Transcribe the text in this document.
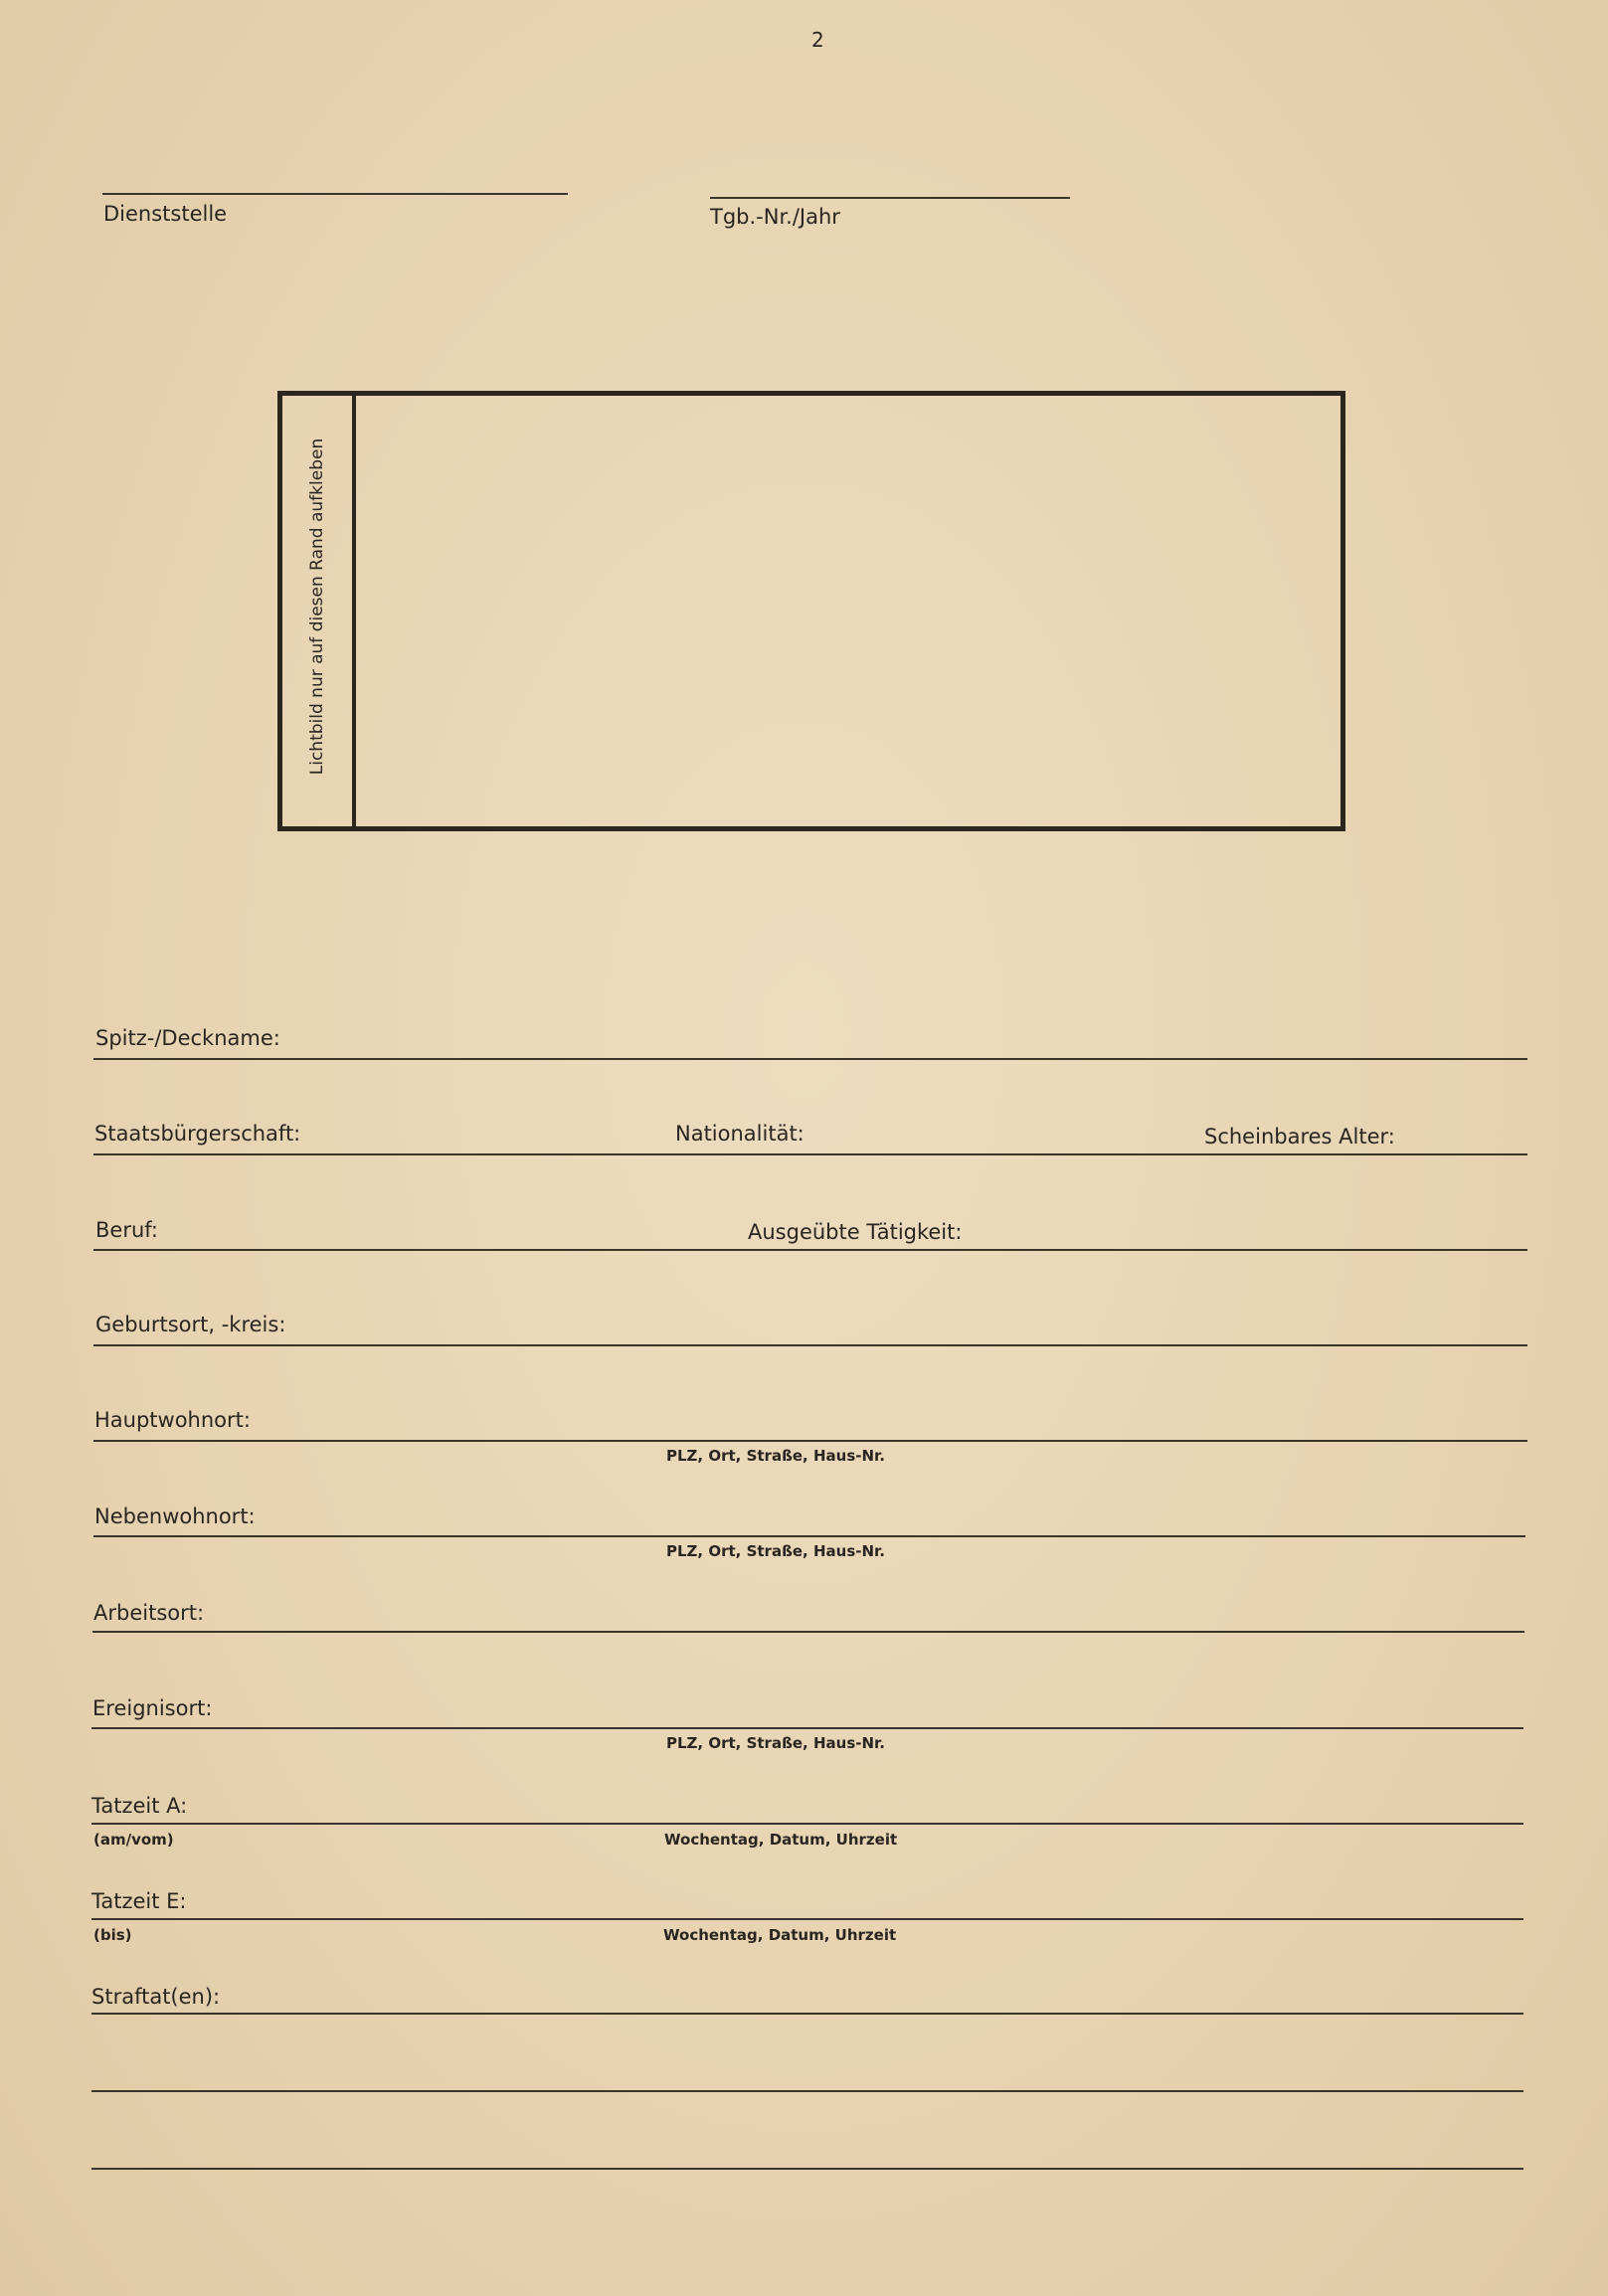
2
Dienststelle	Tgb.-Nr./Jahr
Lichtbild nur auf diesen Rand aufkleben
Spitz-/Deckname:
Staatsbürgerschaft:	Nationalität:	Scheinbares Alter:
Beruf:	Ausgeübte Tätigkeit:
Geburtsort, -kreis:
Hauptwohnort:
PLZ, Ort, Straße, Haus-Nr.
Nebenwohnort:
PLZ, Ort, Straße, Haus-Nr.
Arbeitsort:
Ereignisort:
PLZ, Ort, Straße, Haus-Nr.
Tatzeit A:
(am/vom)	Wochentag, Datum, Uhrzeit
Tatzeit E:
(bis)	Wochentag, Datum, Uhrzeit
Straftat(en):
